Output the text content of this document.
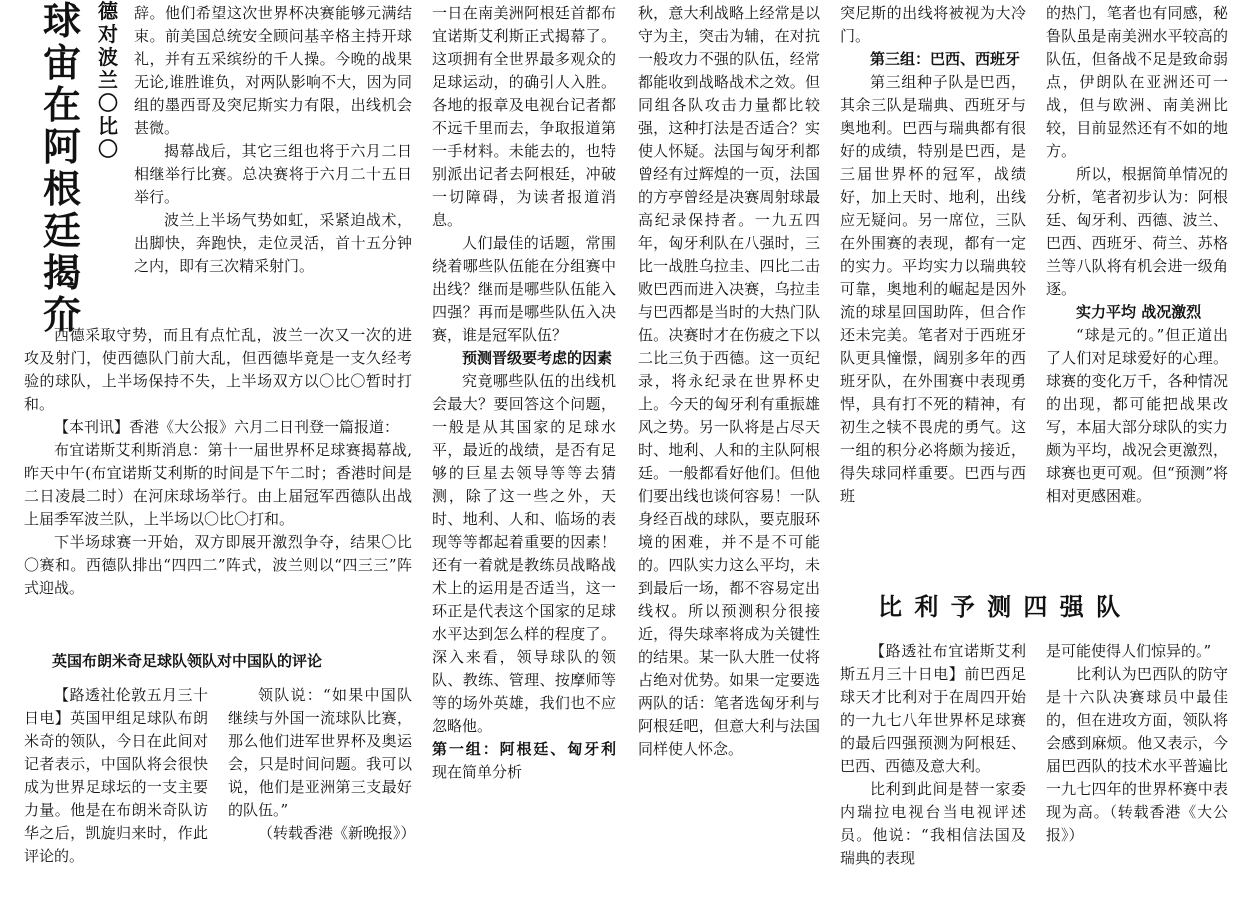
球 宙 在 阿 根 廷 揭 夼
德对波兰〇比〇

辞。他们希望这次世界杯决赛能够元满结束。前美国总统安全顾问基辛格主持开球礼，并有五采缤纷的千人操。今晚的战果无论,谁胜谁负，对两队影响不大，因为同组的墨西哥及突尼斯实力有限，出线机会甚微。

揭幕战后，其它三组也将于六月二日相继举行比赛。总决赛将于六月二十五日举行。

波兰上半场气势如虹，采紧迫战术，出脚快，奔跑快，走位灵活，首十五分钟之内，即有三次精采射门。

西德采取守势，而且有点忙乱，波兰一次又一次的进攻及射门，使西德队门前大乱，但西德毕竟是一支久经考验的球队，上半场保持不失，上半场双方以〇比〇暂时打和。

【本刊讯】香港《大公报》六月二日刊登一篇报道：

布宜诺斯艾利斯消息：第十一届世界杯足球赛揭幕战,昨天中午(布宜诺斯艾利斯的时间是下午二时；香港时间是二日凌晨二时）在河床球场举行。由上届冠军西德队出战上届季军波兰队，上半场以〇比〇打和。

下半场球赛一开始，双方即展开激烈争夺，结果〇比〇赛和。西德队排出“四四二”阵式，波兰则以“四三三”阵式迎战。

英国布朗米奇足球队领队对中国队的评论

【路透社伦敦五月三十日电】英国甲组足球队布朗米奇的领队，今日在此间对记者表示，中国队将会很快成为世界足球坛的一支主要力量。他是在布朗米奇队访华之后，凯旋归来时，作此评论的。

领队说：“如果中国队继续与外国一流球队比赛，那么他们进军世界杯及奥运会，只是时间问题。我可以说，他们是亚洲第三支最好的队伍。”

（转载香港《新晚报》）

一日在南美洲阿根廷首都布宜诺斯艾利斯正式揭幕了。这项拥有全世界最多观众的足球运动，的确引人入胜。各地的报章及电视台记者都不远千里而去，争取报道第一手材料。未能去的，也特别派出记者去阿根廷，冲破一切障碍，为读者报道消息。

人们最佳的话题，常围绕着哪些队伍能在分组赛中出线？继而是哪些队伍能入四强？再而是哪些队伍入决赛，谁是冠军队伍？

预测晋级要考虑的因素

究竟哪些队伍的出线机会最大？要回答这个问题，一般是从其国家的足球水平，最近的战绩，是否有足够的巨星去领导等等去猜测，除了这一些之外，天时、地利、人和、临场的表现等等都起着重要的因素！还有一着就是教练员战略战术上的运用是否适当，这一环正是代表这个国家的足球水平达到怎么样的程度了。深入来看，领导球队的领队、教练、管理、按摩师等等的场外英雄，我们也不应忽略他。

第一组：阿根廷、匈牙利 现在简单分析

秋，意大利战略上经常是以守为主，突击为辅，在对抗一般攻力不强的队伍，经常都能收到战略战术之效。但同组各队攻击力量都比较强，这种打法是否适合？实使人怀疑。法国与匈牙利都曾经有过辉煌的一页，法国的方亭曾经是决赛周射球最高纪录保持者。一九五四年，匈牙利队在八强时，三比一战胜乌拉圭、四比二击败巴西而进入决赛，乌拉圭与巴西都是当时的大热门队伍。决赛时才在伤疲之下以二比三负于西德。这一页纪录，将永纪录在世界杯史上。今天的匈牙利有重振雄风之势。另一队将是占尽天时、地利、人和的主队阿根廷。一般都看好他们。但他们要出线也谈何容易！一队身经百战的球队，要克服环境的困难，并不是不可能的。四队实力这么平均，未到最后一场，都不容易定出线权。所以预测积分很接近，得失球率将成为关键性的结果。某一队大胜一仗将占绝对优势。如果一定要选两队的话：笔者选匈牙利与阿根廷吧，但意大利与法国同样使人怀念。

突尼斯的出线将被视为大冷门。

第三组：巴西、西班牙

第三组种子队是巴西，其余三队是瑞典、西班牙与奥地利。巴西与瑞典都有很好的成绩，特别是巴西，是三届世界杯的冠军，战绩好，加上天时、地利，出线应无疑问。另一席位，三队在外围赛的表现，都有一定的实力。平均实力以瑞典较可靠，奥地利的崛起是因外流的球星回国助阵，但合作还未完美。笔者对于西班牙队更具憧憬，阔别多年的西班牙队，在外围赛中表现勇悍，具有打不死的精神，有初生之犊不畏虎的勇气。这一组的积分必将颇为接近，得失球同样重要。巴西与西班

的热门，笔者也有同感，秘鲁队虽是南美洲水平较高的队伍，但备战不足是致命弱点，伊朗队在亚洲还可一战，但与欧洲、南美洲比较，目前显然还有不如的地方。

所以，根据简单情况的分析，笔者初步认为：阿根廷、匈牙利、西德、波兰、巴西、西班牙、荷兰、苏格兰等八队将有机会进一级角逐。

实力平均 战况激烈

“球是元的。”但正道出了人们对足球爱好的心理。球赛的变化万千，各种情况的出现，都可能把战果改写，本届大部分球队的实力颇为平均，战况会更激烈，球赛也更可观。但“预测”将相对更感困难。

比 利 予 测 四 强 队

【路透社布宜诺斯艾利斯五月三十日电】前巴西足球天才比利对于在周四开始的一九七八年世界杯足球赛的最后四强预测为阿根廷、巴西、西德及意大利。

比利到此间是替一家委内瑞拉电视台当电视评述员。他说：“我相信法国及瑞典的表现

是可能使得人们惊异的。”

比利认为巴西队的防守是十六队决赛球员中最佳的，但在进攻方面，领队将会感到麻烦。他又表示，今届巴西队的技术水平普遍比一九七四年的世界杯赛中表现为高。（转载香港《大公报》）
